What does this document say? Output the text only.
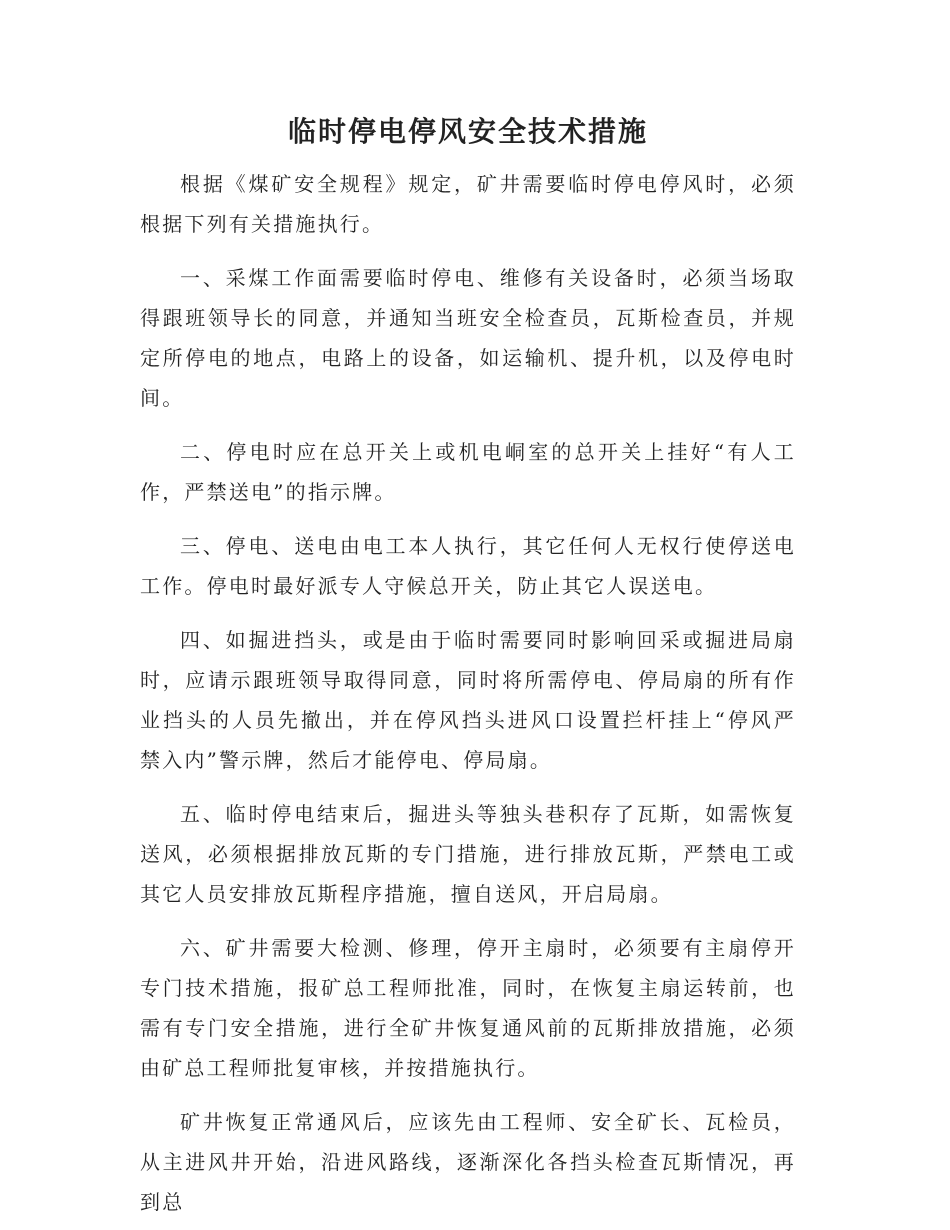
临时停电停风安全技术措施

根据《煤矿安全规程》规定，矿井需要临时停电停风时，必须根据下列有关措施执行。

一、采煤工作面需要临时停电、维修有关设备时，必须当场取得跟班领导长的同意，并通知当班安全检查员，瓦斯检查员，并规定所停电的地点，电路上的设备，如运输机、提升机，以及停电时间。

二、停电时应在总开关上或机电峒室的总开关上挂好“有人工作，严禁送电”的指示牌。

三、停电、送电由电工本人执行，其它任何人无权行使停送电工作。停电时最好派专人守候总开关，防止其它人误送电。

四、如掘进挡头，或是由于临时需要同时影响回采或掘进局扇时，应请示跟班领导取得同意，同时将所需停电、停局扇的所有作业挡头的人员先撤出，并在停风挡头进风口设置拦杆挂上“停风严禁入内”警示牌，然后才能停电、停局扇。

五、临时停电结束后，掘进头等独头巷积存了瓦斯，如需恢复送风，必须根据排放瓦斯的专门措施，进行排放瓦斯，严禁电工或其它人员安排放瓦斯程序措施，擅自送风，开启局扇。

六、矿井需要大检测、修理，停开主扇时，必须要有主扇停开专门技术措施，报矿总工程师批准，同时，在恢复主扇运转前，也需有专门安全措施，进行全矿井恢复通风前的瓦斯排放措施，必须由矿总工程师批复审核，并按措施执行。

矿井恢复正常通风后，应该先由工程师、安全矿长、瓦检员，从主进风井开始，沿进风路线，逐渐深化各挡头检查瓦斯情况，再到总
